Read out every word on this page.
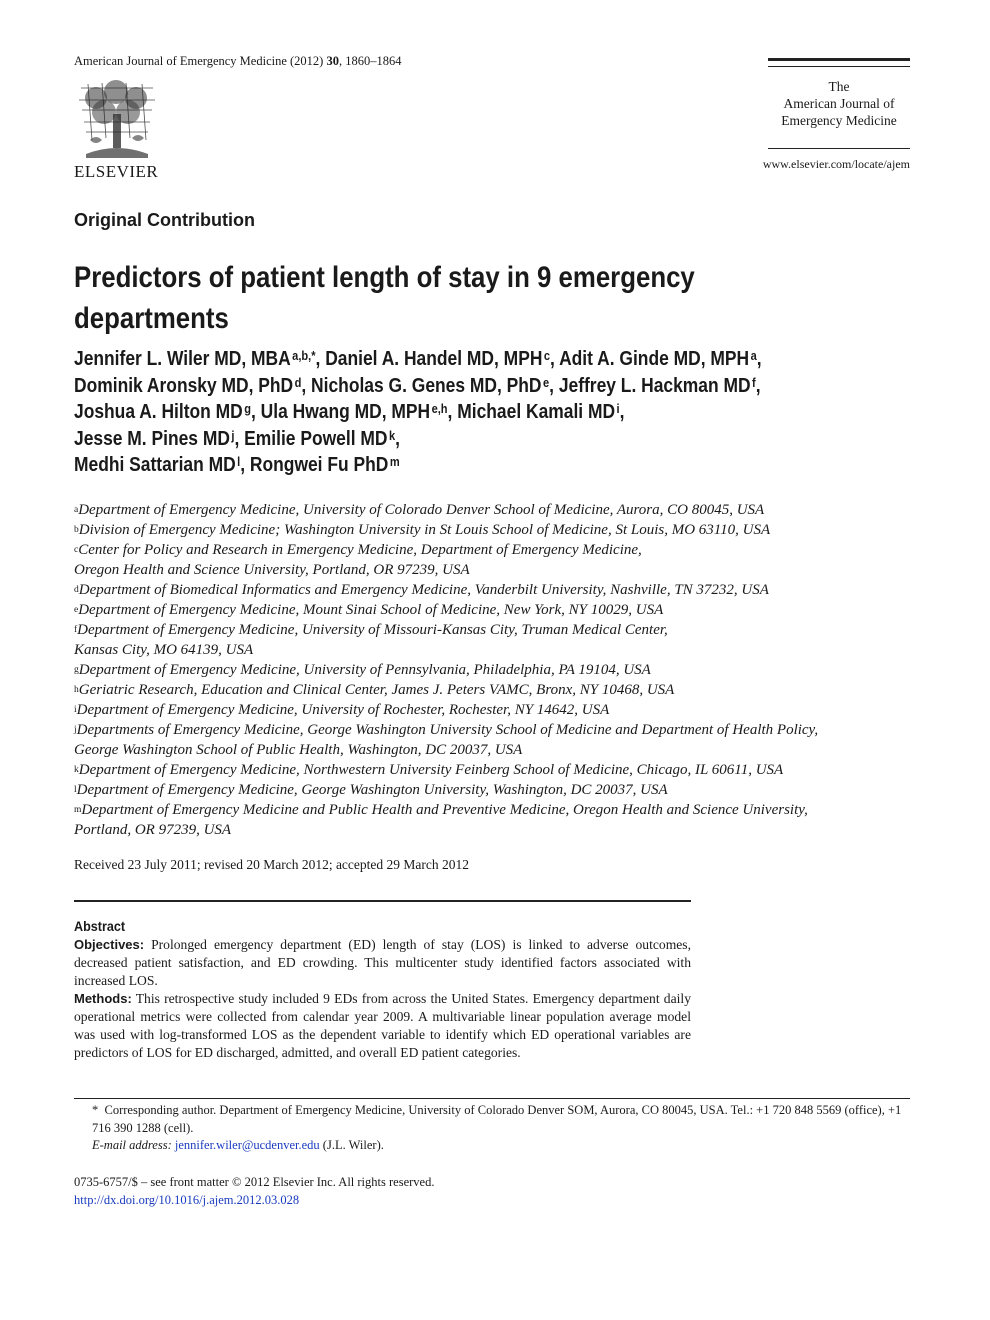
American Journal of Emergency Medicine (2012) 30, 1860–1864
ELSEVIER
The
American Journal of
Emergency Medicine
www.elsevier.com/locate/ajem
Original Contribution
Predictors of patient length of stay in 9 emergency departments
Jennifer L. Wiler MD, MBA $^{a,b,*}$, Daniel A. Handel MD, MPH $^c$, Adit A. Ginde MD, MPH $^a$,
Dominik Aronsky MD, PhD $^d$, Nicholas G. Genes MD, PhD $^e$, Jeffrey L. Hackman MD $^f$,
Joshua A. Hilton MD $^g$, Ula Hwang MD, MPH $^{e,h}$, Michael Kamali MD $^i$,
Jesse M. Pines MD $^j$, Emilie Powell MD $^k$,
Medhi Sattarian MD $^l$, Rongwei Fu PhD $^m$
$^a$Department of Emergency Medicine, University of Colorado Denver School of Medicine, Aurora, CO 80045, USA
$^b$Division of Emergency Medicine; Washington University in St Louis School of Medicine, St Louis, MO 63110, USA
$^c$Center for Policy and Research in Emergency Medicine, Department of Emergency Medicine,
Oregon Health and Science University, Portland, OR 97239, USA
$^d$Department of Biomedical Informatics and Emergency Medicine, Vanderbilt University, Nashville, TN 37232, USA
$^e$Department of Emergency Medicine, Mount Sinai School of Medicine, New York, NY 10029, USA
$^f$Department of Emergency Medicine, University of Missouri-Kansas City, Truman Medical Center,
Kansas City, MO 64139, USA
$^g$Department of Emergency Medicine, University of Pennsylvania, Philadelphia, PA 19104, USA
$^h$Geriatric Research, Education and Clinical Center, James J. Peters VAMC, Bronx, NY 10468, USA
$^i$Department of Emergency Medicine, University of Rochester, Rochester, NY 14642, USA
$^j$Departments of Emergency Medicine, George Washington University School of Medicine and Department of Health Policy,
George Washington School of Public Health, Washington, DC 20037, USA
$^k$Department of Emergency Medicine, Northwestern University Feinberg School of Medicine, Chicago, IL 60611, USA
$^l$Department of Emergency Medicine, George Washington University, Washington, DC 20037, USA
$^m$Department of Emergency Medicine and Public Health and Preventive Medicine, Oregon Health and Science University,
Portland, OR 97239, USA
Received 23 July 2011; revised 20 March 2012; accepted 29 March 2012
Abstract

Objectives: Prolonged emergency department (ED) length of stay (LOS) is linked to adverse outcomes, decreased patient satisfaction, and ED crowding. This multicenter study identified factors associated with increased LOS.

Methods: This retrospective study included 9 EDs from across the United States. Emergency department daily operational metrics were collected from calendar year 2009. A multivariable linear population average model was used with log-transformed LOS as the dependent variable to identify which ED operational variables are predictors of LOS for ED discharged, admitted, and overall ED patient categories.

* Corresponding author. Department of Emergency Medicine, University of Colorado Denver SOM, Aurora, CO 80045, USA. Tel.: +1 720 848 5569 (office), +1 716 390 1288 (cell).
E-mail address: jennifer.wiler@ucdenver.edu (J.L. Wiler).
0735-6757/$ – see front matter © 2012 Elsevier Inc. All rights reserved.
http://dx.doi.org/10.1016/j.ajem.2012.03.028
